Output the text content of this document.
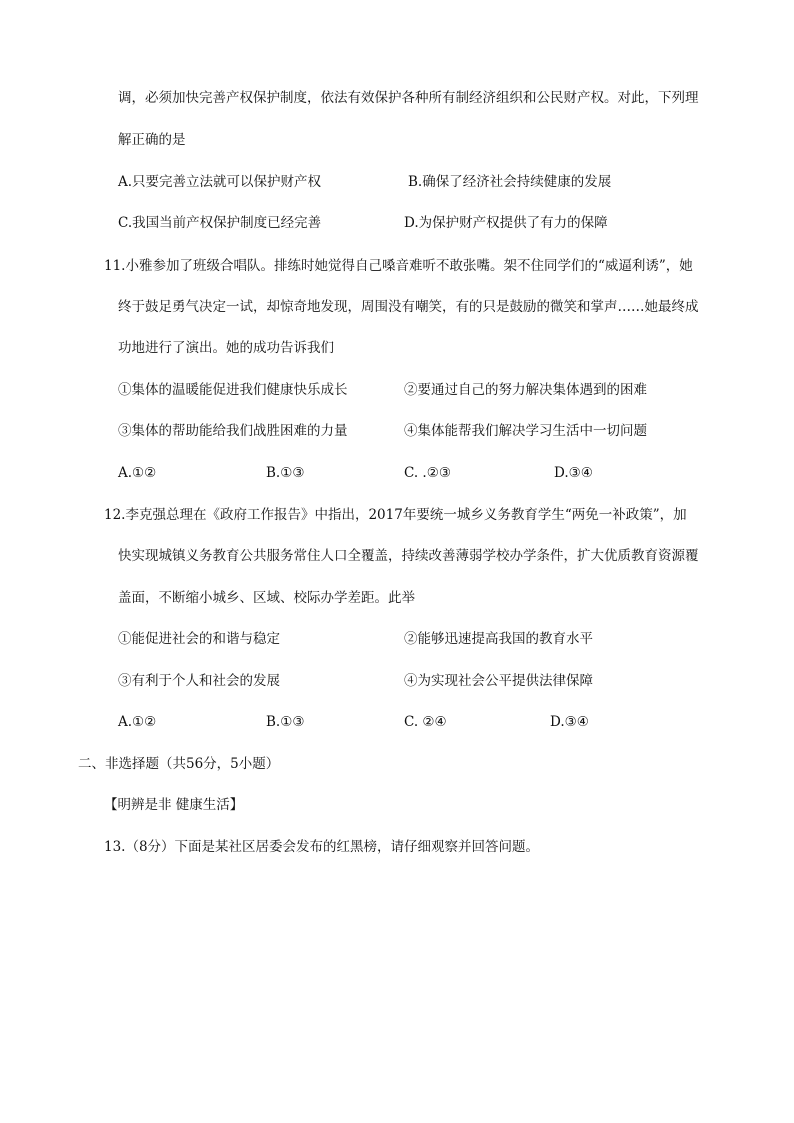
调，必须加快完善产权保护制度，依法有效保护各种所有制经济组织和公民财产权。对此，下列理
解正确的是
A.只要完善立法就可以保护财产权	B.确保了经济社会持续健康的发展
C.我国当前产权保护制度已经完善	D.为保护财产权提供了有力的保障
11.小雅参加了班级合唱队。排练时她觉得自己嗓音难听不敢张嘴。架不住同学们的“威逼利诱”，她
终于鼓足勇气决定一试，却惊奇地发现，周围没有嘲笑，有的只是鼓励的微笑和掌声……她最终成
功地进行了演出。她的成功告诉我们
①集体的温暖能促进我们健康快乐成长	②要通过自己的努力解决集体遇到的困难
③集体的帮助能给我们战胜困难的力量	④集体能帮我们解决学习生活中一切问题
A.①②	B.①③	C. .②③	D.③④
12.李克强总理在《政府工作报告》中指出，2017年要统一城乡义务教育学生“两免一补政策”，加
快实现城镇义务教育公共服务常住人口全覆盖，持续改善薄弱学校办学条件，扩大优质教育资源覆
盖面，不断缩小城乡、区域、校际办学差距。此举
①能促进社会的和谐与稳定	②能够迅速提高我国的教育水平
③有利于个人和社会的发展	④为实现社会公平提供法律保障
A.①②	B.①③	C. ②④	D.③④
二、非选择题（共56分，5小题）
【明辨是非 健康生活】
13.（8分）下面是某社区居委会发布的红黑榜，请仔细观察并回答问题。
